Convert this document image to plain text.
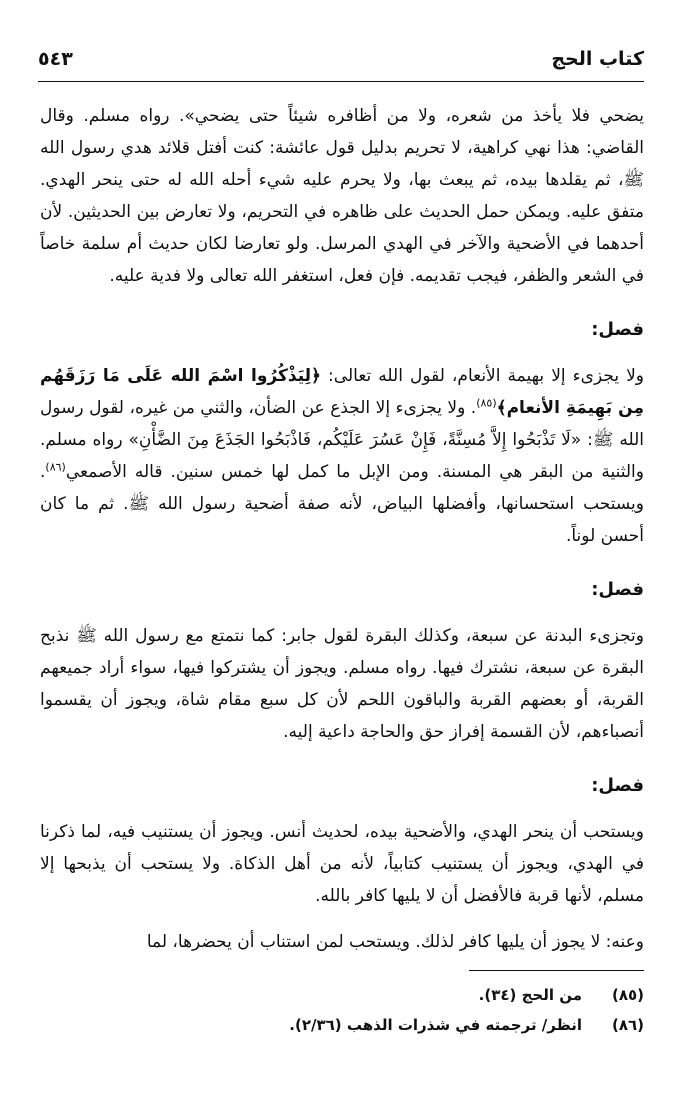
كتاب الحج
٥٤٣

يضحي فلا يأخذ من شعره، ولا من أظافره شيئاً حتى يضحي». رواه مسلم. وقال القاضي: هذا نهي كراهية، لا تحريم بدليل قول عائشة: كنت أفتل قلائد هدي رسول الله ﷺ، ثم يقلدها بيده، ثم يبعث بها، ولا يحرم عليه شيء أحله الله له حتى ينحر الهدي. متفق عليه. ويمكن حمل الحديث على ظاهره في التحريم، ولا تعارض بين الحديثين. لأن أحدهما في الأضحية والآخر في الهدي المرسل. ولو تعارضا لكان حديث أم سلمة خاصاً في الشعر والظفر، فيجب تقديمه. فإن فعل، استغفر الله تعالى ولا فدية عليه.

فصل:

ولا يجزىء إلا بهيمة الأنعام، لقول الله تعالى: ﴿لِيَذْكُرُوا اسْمَ الله عَلَى مَا رَزَقَهُم مِن بَهِيمَةِ الأنعام﴾$^{(٨٥)}$. ولا يجزىء إلا الجذع عن الضأن، والثني من غيره، لقول رسول الله ﷺ: «لَا تَذْبَحُوا إِلاَّ مُسِنَّةً، فَإِنْ عَسُرَ عَلَيْكُم، فَاذْبَحُوا الجَذَعَ مِنَ الضَّأْنِ» رواه مسلم. والثنية من البقر هي المسنة. ومن الإبل ما كمل لها خمس سنين. قاله الأصمعي$^{(٨٦)}$. ويستحب استحسانها، وأفضلها البياض، لأنه صفة أضحية رسول الله ﷺ. ثم ما كان أحسن لوناً.

فصل:

وتجزىء البدنة عن سبعة، وكذلك البقرة لقول جابر: كما نتمتع مع رسول الله ﷺ نذبح البقرة عن سبعة، نشترك فيها. رواه مسلم. ويجوز أن يشتركوا فيها، سواء أراد جميعهم القربة، أو بعضهم القربة والباقون اللحم لأن كل سبع مقام شاة، ويجوز أن يقسموا أنصباءهم، لأن القسمة إفراز حق والحاجة داعية إليه.

فصل:

ويستحب أن ينحر الهدي، والأضحية بيده، لحديث أنس. ويجوز أن يستنيب فيه، لما ذكرنا في الهدي، ويجوز أن يستنيب كتابياً، لأنه من أهل الذكاة. ولا يستحب أن يذبحها إلا مسلم، لأنها قربة فالأفضل أن لا يليها كافر بالله.

وعنه: لا يجوز أن يليها كافر لذلك. ويستحب لمن استناب أن يحضرها، لما

(٨٥)
من الحج (٣٤).
(٨٦)
انظر/ ترجمته في شذرات الذهب (٢/٣٦).
